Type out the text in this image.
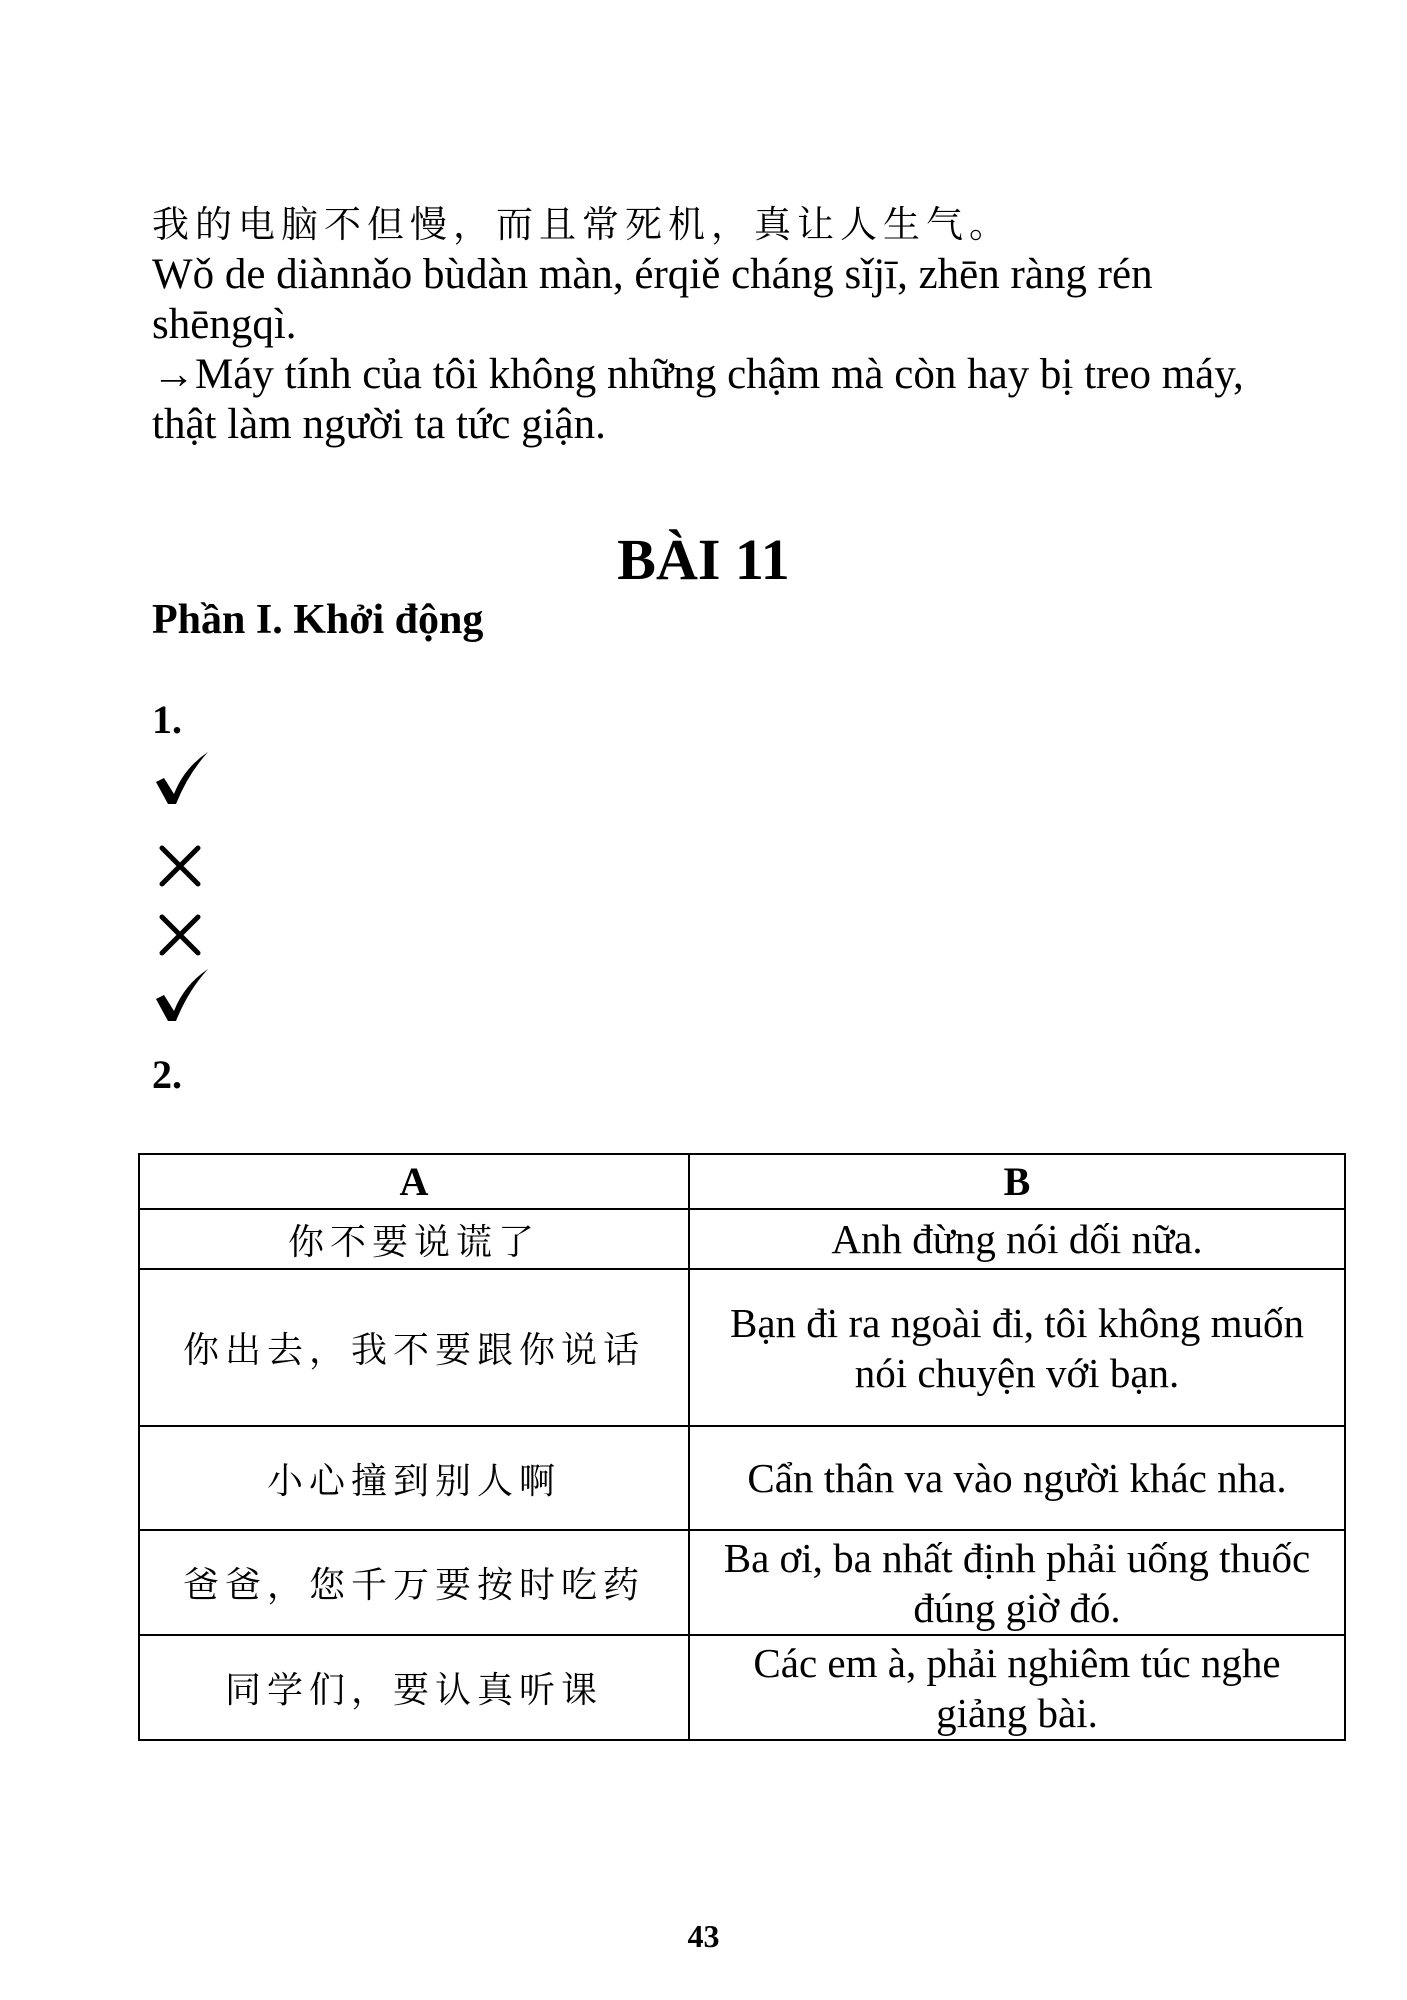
我的电脑不但慢，而且常死机，真让人生气。
Wǒ de diànnǎo bùdàn màn, érqiě cháng sǐjī, zhēn ràng rén shēngqì.
→Máy tính của tôi không những chậm mà còn hay bị treo máy, thật làm người ta tức giận.
BÀI 11
Phần I. Khởi động
1.
2.
A	B
你不要说谎了	Anh đừng nói dối nữa.
你出去，我不要跟你说话	Bạn đi ra ngoài đi, tôi không muốn nói chuyện với bạn.
小心撞到别人啊	Cẩn thân va vào người khác nha.
爸爸，您千万要按时吃药	Ba ơi, ba nhất định phải uống thuốc đúng giờ đó.
同学们，要认真听课	Các em à, phải nghiêm túc nghe giảng bài.
43
